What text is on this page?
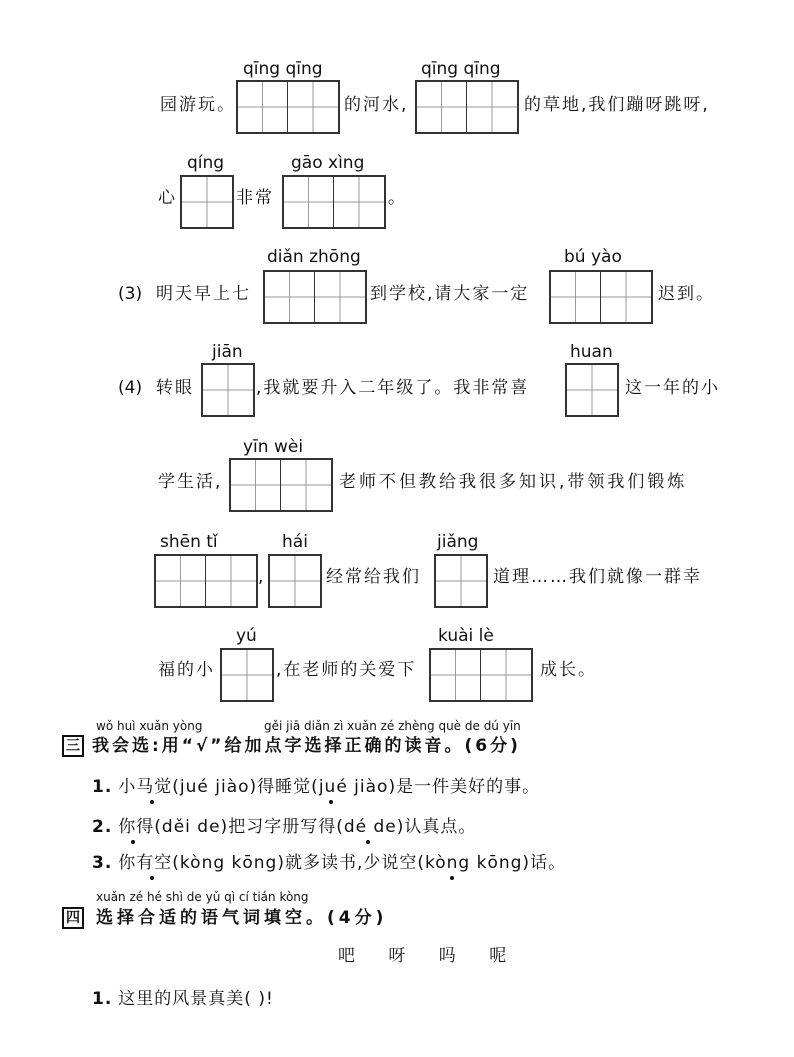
园游玩。
qīng qīng
的河水,
qīng qīng
的草地,我们蹦呀跳呀,
心
qíng
非常
gāo xìng
。
(3) 明天早上七
diǎn zhōng
到学校,请大家一定
bú yào
迟到。
(4) 转眼
jiān
,我就要升入二年级了。我非常喜
huan
这一年的小
学生活,
yīn wèi
老师不但教给我很多知识,带领我们锻炼
shēn tǐ
,
hái
经常给我们
jiǎng
道理……我们就像一群幸
福的小
yú
,在老师的关爱下
kuài lè
成长。
wǒ huì xuǎn yòng	gěi jiā diǎn zì xuǎn zé zhèng què de dú yīn
三 我会选:用“√”给加点字选择正确的读音。(6分)
1. 小马觉(jué jiào)得睡觉(jué jiào)是一件美好的事。
2. 你得(děi de)把习字册写得(dé de)认真点。
3. 你有空(kòng kōng)就多读书,少说空(kòng kōng)话。
xuǎn zé hé shì de yǔ qì cí tián kòng
四 选择合适的语气词填空。(4分)
吧 呀 吗 呢
1. 这里的风景真美( )!
